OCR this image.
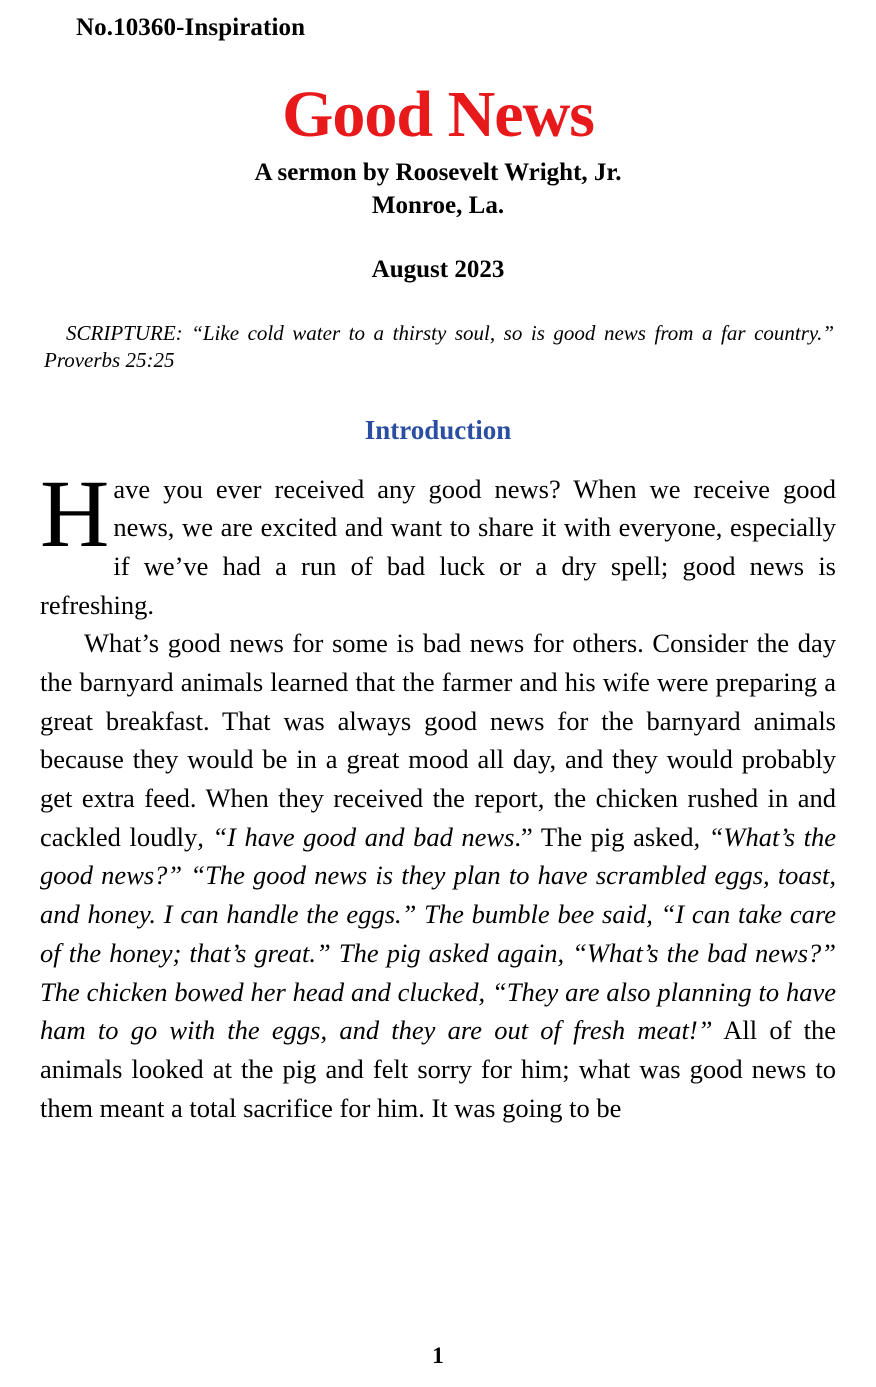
No.10360-Inspiration
Good News
A sermon by Roosevelt Wright, Jr.
Monroe, La.
August 2023
SCRIPTURE: “Like cold water to a thirsty soul, so is good news from a far country.” Proverbs 25:25
Introduction

Have you ever received any good news? When we receive good news, we are excited and want to share it with everyone, especially if we’ve had a run of bad luck or a dry spell; good news is refreshing.

What’s good news for some is bad news for others. Consider the day the barnyard animals learned that the farmer and his wife were preparing a great breakfast. That was always good news for the barnyard animals because they would be in a great mood all day, and they would probably get extra feed. When they received the report, the chicken rushed in and cackled loudly, “I have good and bad news.” The pig asked, “What’s the good news?” “The good news is they plan to have scrambled eggs, toast, and honey. I can handle the eggs.” The bumble bee said, “I can take care of the honey; that’s great.” The pig asked again, “What’s the bad news?” The chicken bowed her head and clucked, “They are also planning to have ham to go with the eggs, and they are out of fresh meat!” All of the animals looked at the pig and felt sorry for him; what was good news to them meant a total sacrifice for him. It was going to be

1
